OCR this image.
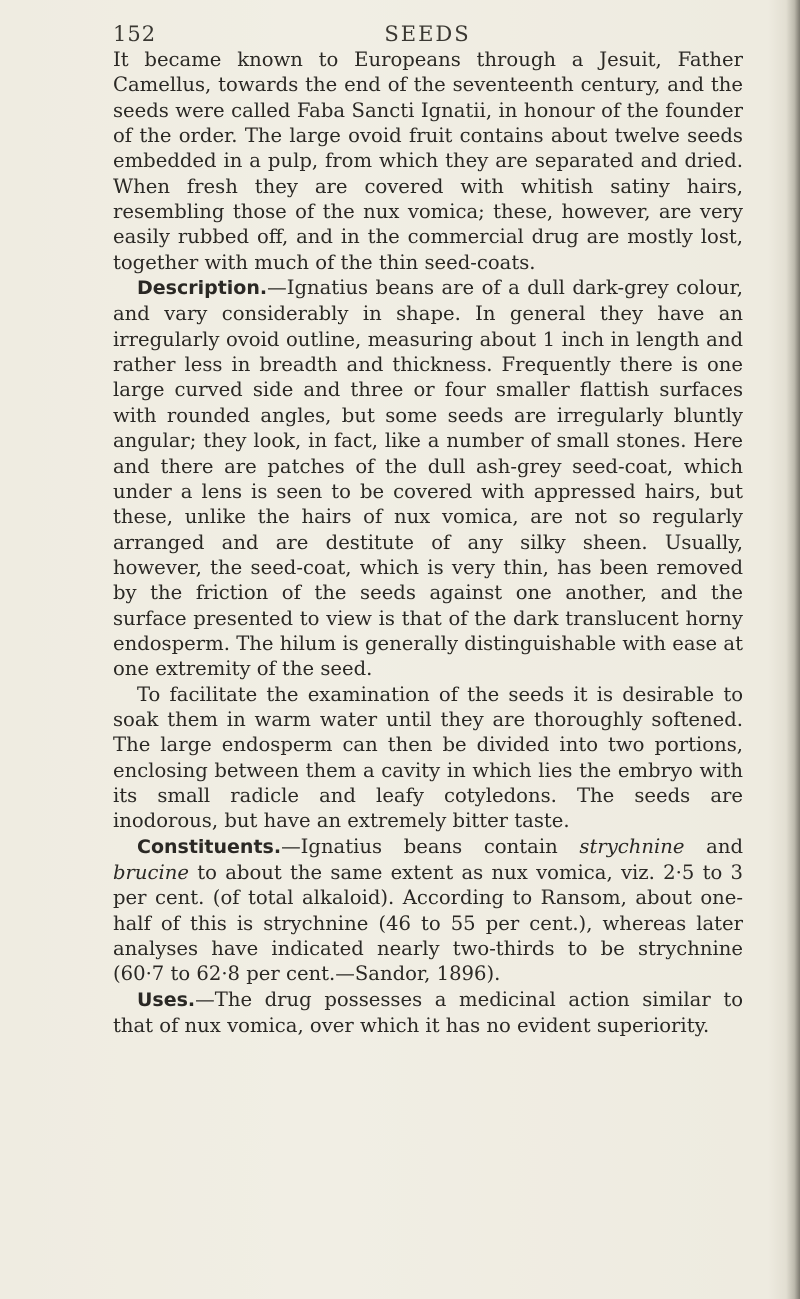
152	SEEDS

It became known to Europeans through a Jesuit, Father Camellus, towards the end of the seventeenth century, and the seeds were called Faba Sancti Ignatii, in honour of the founder of the order. The large ovoid fruit contains about twelve seeds embedded in a pulp, from which they are separated and dried. When fresh they are covered with whitish satiny hairs, resembling those of the nux vomica; these, however, are very easily rubbed off, and in the commercial drug are mostly lost, together with much of the thin seed-coats.

Description.—Ignatius beans are of a dull dark-grey colour, and vary considerably in shape. In general they have an irregularly ovoid outline, measuring about 1 inch in length and rather less in breadth and thickness. Frequently there is one large curved side and three or four smaller flattish surfaces with rounded angles, but some seeds are irregularly bluntly angular; they look, in fact, like a number of small stones. Here and there are patches of the dull ash-grey seed-coat, which under a lens is seen to be covered with appressed hairs, but these, unlike the hairs of nux vomica, are not so regularly arranged and are destitute of any silky sheen. Usually, however, the seed-coat, which is very thin, has been removed by the friction of the seeds against one another, and the surface presented to view is that of the dark translucent horny endosperm. The hilum is generally distinguishable with ease at one extremity of the seed.

To facilitate the examination of the seeds it is desirable to soak them in warm water until they are thoroughly softened. The large endosperm can then be divided into two portions, enclosing between them a cavity in which lies the embryo with its small radicle and leafy cotyledons. The seeds are inodorous, but have an extremely bitter taste.

Constituents.—Ignatius beans contain strychnine and brucine to about the same extent as nux vomica, viz. 2·5 to 3 per cent. (of total alkaloid). According to Ransom, about one-half of this is strychnine (46 to 55 per cent.), whereas later analyses have indicated nearly two-thirds to be strychnine (60·7 to 62·8 per cent.—Sandor, 1896).

Uses.—The drug possesses a medicinal action similar to that of nux vomica, over which it has no evident superiority.
